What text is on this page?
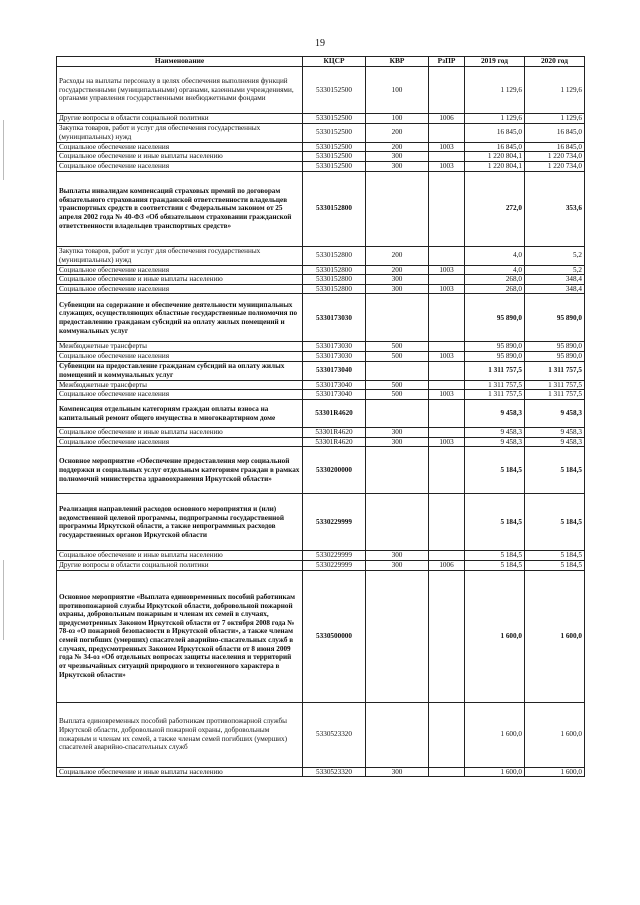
19
Наименование	КЦСР	КВР	РзПР	2019 год	2020 год
Расходы на выплаты персоналу в целях обеспечения выполнения функций государственными (муниципальными) органами, казенными учреждениями, органами управления государственными внебюджетными фондами	5330152500	100		1 129,6	1 129,6
Другие вопросы в области социальной политики	5330152500	100	1006	1 129,6	1 129,6
Закупка товаров, работ и услуг для обеспечения государственных (муниципальных) нужд	5330152500	200		16 845,0	16 845,0
Социальное обеспечение населения	5330152500	200	1003	16 845,0	16 845,0
Социальное обеспечение и иные выплаты населению	5330152500	300		1 220 804,1	1 220 734,0
Социальное обеспечение населения	5330152500	300	1003	1 220 804,1	1 220 734,0
Выплаты инвалидам компенсаций страховых премий по договорам обязательного страхования гражданской ответственности владельцев транспортных средств в соответствии с Федеральным законом от 25 апреля 2002 года № 40-ФЗ «Об обязательном страховании гражданской ответственности владельцев транспортных средств»	5330152800			272,0	353,6
Закупка товаров, работ и услуг для обеспечения государственных (муниципальных) нужд	5330152800	200		4,0	5,2
Социальное обеспечение населения	5330152800	200	1003	4,0	5,2
Социальное обеспечение и иные выплаты населению	5330152800	300		268,0	348,4
Социальное обеспечение населения	5330152800	300	1003	268,0	348,4
Субвенции на содержание и обеспечение деятельности муниципальных служащих, осуществляющих областные государственные полномочия по предоставлению гражданам субсидий на оплату жилых помещений и коммунальных услуг	5330173030			95 890,0	95 890,0
Межбюджетные трансферты	5330173030	500		95 890,0	95 890,0
Социальное обеспечение населения	5330173030	500	1003	95 890,0	95 890,0
Субвенции на предоставление гражданам субсидий на оплату жилых помещений и коммунальных услуг	5330173040			1 311 757,5	1 311 757,5
Межбюджетные трансферты	5330173040	500		1 311 757,5	1 311 757,5
Социальное обеспечение населения	5330173040	500	1003	1 311 757,5	1 311 757,5
Компенсация отдельным категориям граждан оплаты взноса на капитальный ремонт общего имущества в многоквартирном доме	53301R4620			9 458,3	9 458,3
Социальное обеспечение и иные выплаты населению	53301R4620	300		9 458,3	9 458,3
Социальное обеспечение населения	53301R4620	300	1003	9 458,3	9 458,3
Основное мероприятие «Обеспечение предоставления мер социальной поддержки и социальных услуг отдельным категориям граждан в рамках полномочий министерства здравоохранения Иркутской области»	5330200000			5 184,5	5 184,5
Реализация направлений расходов основного мероприятия и (или) ведомственной целевой программы, подпрограммы государственной программы Иркутской области, а также непрограммных расходов государственных органов Иркутской области	5330229999			5 184,5	5 184,5
Социальное обеспечение и иные выплаты населению	5330229999	300		5 184,5	5 184,5
Другие вопросы в области социальной политики	5330229999	300	1006	5 184,5	5 184,5
Основное мероприятие «Выплата единовременных пособий работникам противопожарной службы Иркутской области, добровольной пожарной охраны, добровольным пожарным и членам их семей в случаях, предусмотренных Законом Иркутской области от 7 октября 2008 года № 78-оз «О пожарной безопасности в Иркутской области», а также членам семей погибших (умерших) спасателей аварийно-спасательных служб в случаях, предусмотренных Законом Иркутской области от 8 июня 2009 года № 34-оз «Об отдельных вопросах защиты населения и территорий от чрезвычайных ситуаций природного и техногенного характера в Иркутской области»	5330500000			1 600,0	1 600,0
Выплата единовременных пособий работникам противопожарной службы Иркутской области, добровольной пожарной охраны, добровольным пожарным и членам их семей, а также членам семей погибших (умерших) спасателей аварийно-спасательных служб	5330523320			1 600,0	1 600,0
Социальное обеспечение и иные выплаты населению	5330523320	300		1 600,0	1 600,0
